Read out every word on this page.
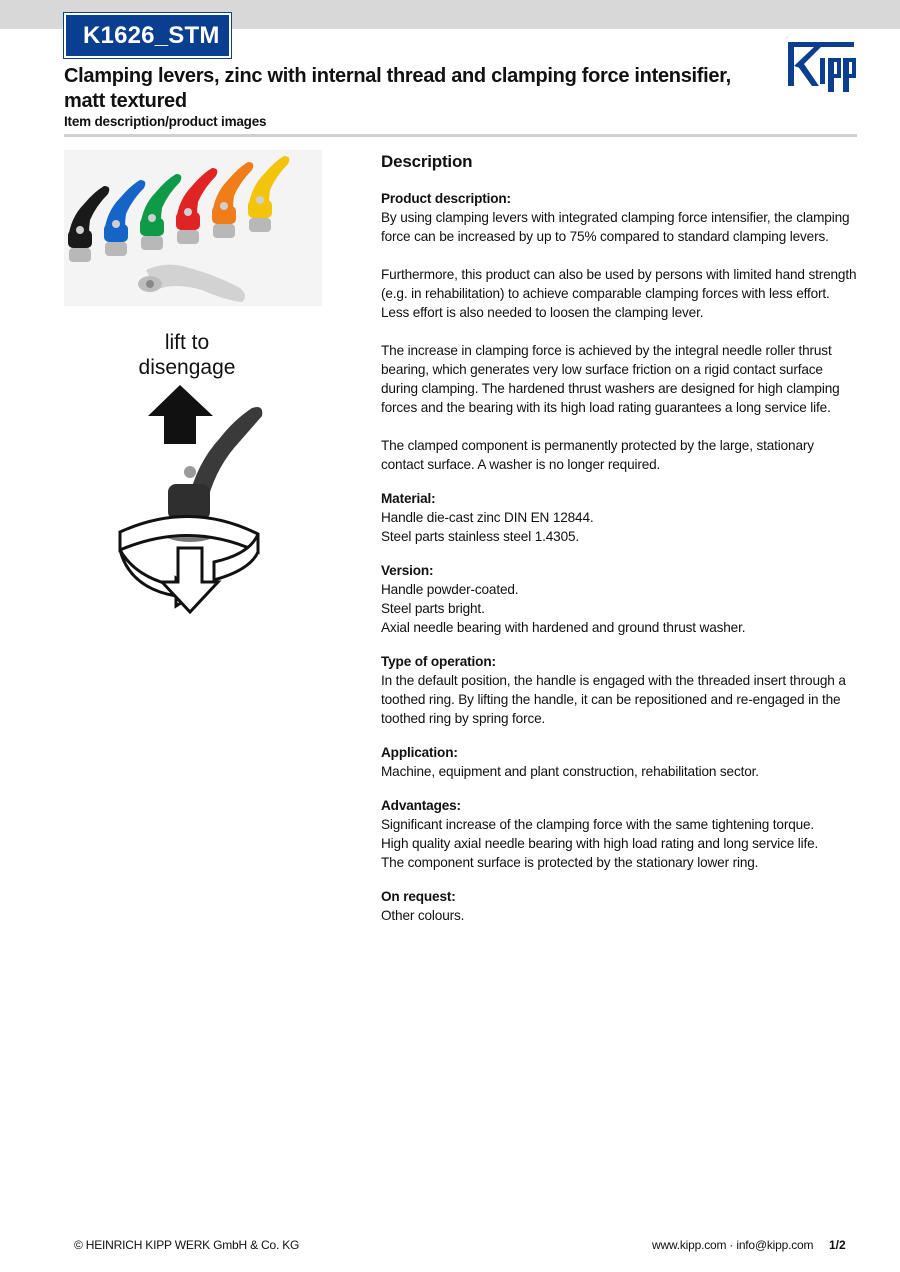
K1626_STM
Clamping levers, zinc with internal thread and clamping force intensifier, matt textured
Item description/product images
Kipp
lift to disengage
Description

Product description:

By using clamping levers with integrated clamping force intensifier, the clamping force can be increased by up to 75% compared to standard clamping levers.

Furthermore, this product can also be used by persons with limited hand strength (e.g. in rehabilitation) to achieve comparable clamping forces with less effort. Less effort is also needed to loosen the clamping lever.

The increase in clamping force is achieved by the integral needle roller thrust bearing, which generates very low surface friction on a rigid contact surface during clamping. The hardened thrust washers are designed for high clamping forces and the bearing with its high load rating guarantees a long service life.

The clamped component is permanently protected by the large, stationary contact surface. A washer is no longer required.

Material:

Handle die-cast zinc DIN EN 12844.

Steel parts stainless steel 1.4305.

Version:

Handle powder-coated.

Steel parts bright.

Axial needle bearing with hardened and ground thrust washer.

Type of operation:

In the default position, the handle is engaged with the threaded insert through a toothed ring. By lifting the handle, it can be repositioned and re-engaged in the toothed ring by spring force.

Application:

Machine, equipment and plant construction, rehabilitation sector.

Advantages:

Significant increase of the clamping force with the same tightening torque.

High quality axial needle bearing with high load rating and long service life.

The component surface is protected by the stationary lower ring.

On request:

Other colours.

© HEINRICH KIPP WERK GmbH & Co. KG	www.kipp.com · info@kipp.com 1/2
